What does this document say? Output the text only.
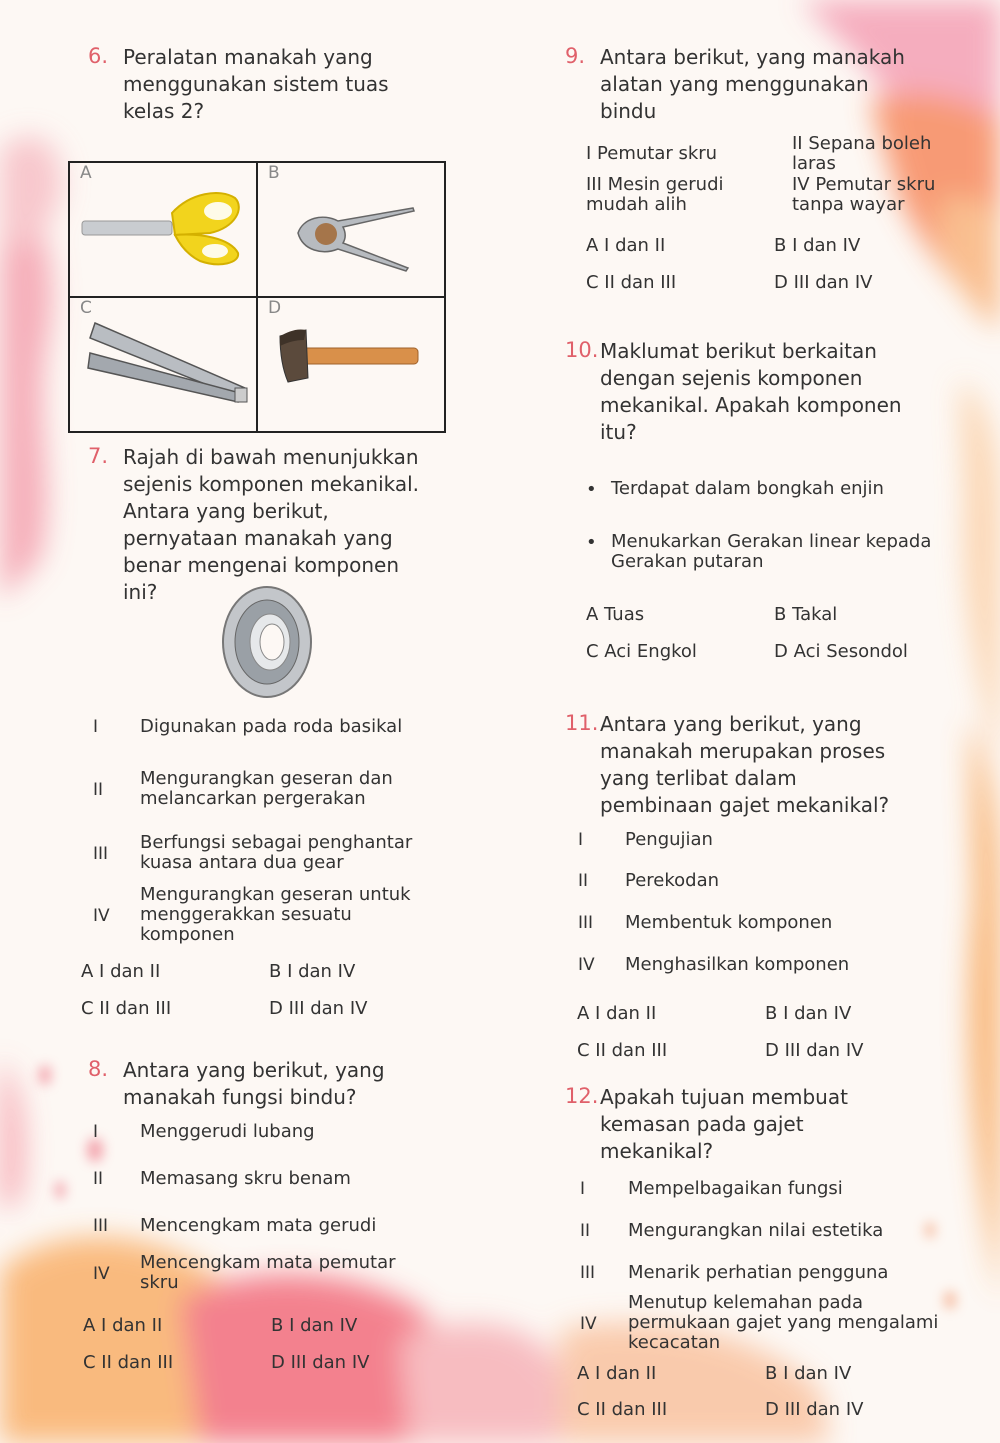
6. Peralatan manakah yang
menggunakan sistem tuas
kelas 2?
A	B

C	D
7. Rajah di bawah menunjukkan
sejenis komponen mekanikal.
Antara yang berikut,
pernyataan manakah yang
benar mengenai komponen
ini?
I Digunakan pada roda basikal
II
Mengurangkan geseran dan
melancarkan pergerakan
III
Berfungsi sebagai penghantar
kuasa antara dua gear
IV
Mengurangkan geseran untuk
menggerakkan sesuatu
komponen
A I dan II	B I dan IV
C II dan III	D III dan IV
8. Antara yang berikut, yang
manakah fungsi bindu?
I Menggerudi lubang
II Memasang skru benam
III Mencengkam mata gerudi
IV
Mencengkam mata pemutar
skru
A I dan II	B I dan IV
C II dan III	D III dan IV
9. Antara berikut, yang manakah
alatan yang menggunakan
bindu
I Pemutar skru	II Sepana boleh
laras
III Mesin gerudi
mudah alih
IV Pemutar skru
tanpa wayar
A I dan II	B I dan IV
C II dan III	D III dan IV
10. Maklumat berikut berkaitan
dengan sejenis komponen
mekanikal. Apakah komponen
itu?
• Terdapat dalam bongkah enjin
• Menukarkan Gerakan linear kepada
Gerakan putaran
A Tuas	B Takal
C Aci Engkol	D Aci Sesondol
11. Antara yang berikut, yang
manakah merupakan proses
yang terlibat dalam
pembinaan gajet mekanikal?
I Pengujian
II Perekodan
III Membentuk komponen
IV Menghasilkan komponen
A I dan II	B I dan IV
C II dan III	D III dan IV
12. Apakah tujuan membuat
kemasan pada gajet
mekanikal?
I Mempelbagaikan fungsi
II Mengurangkan nilai estetika
III Menarik perhatian pengguna
IV
Menutup kelemahan pada
permukaan gajet yang mengalami
kecacatan
A I dan II	B I dan IV
C II dan III	D III dan IV
